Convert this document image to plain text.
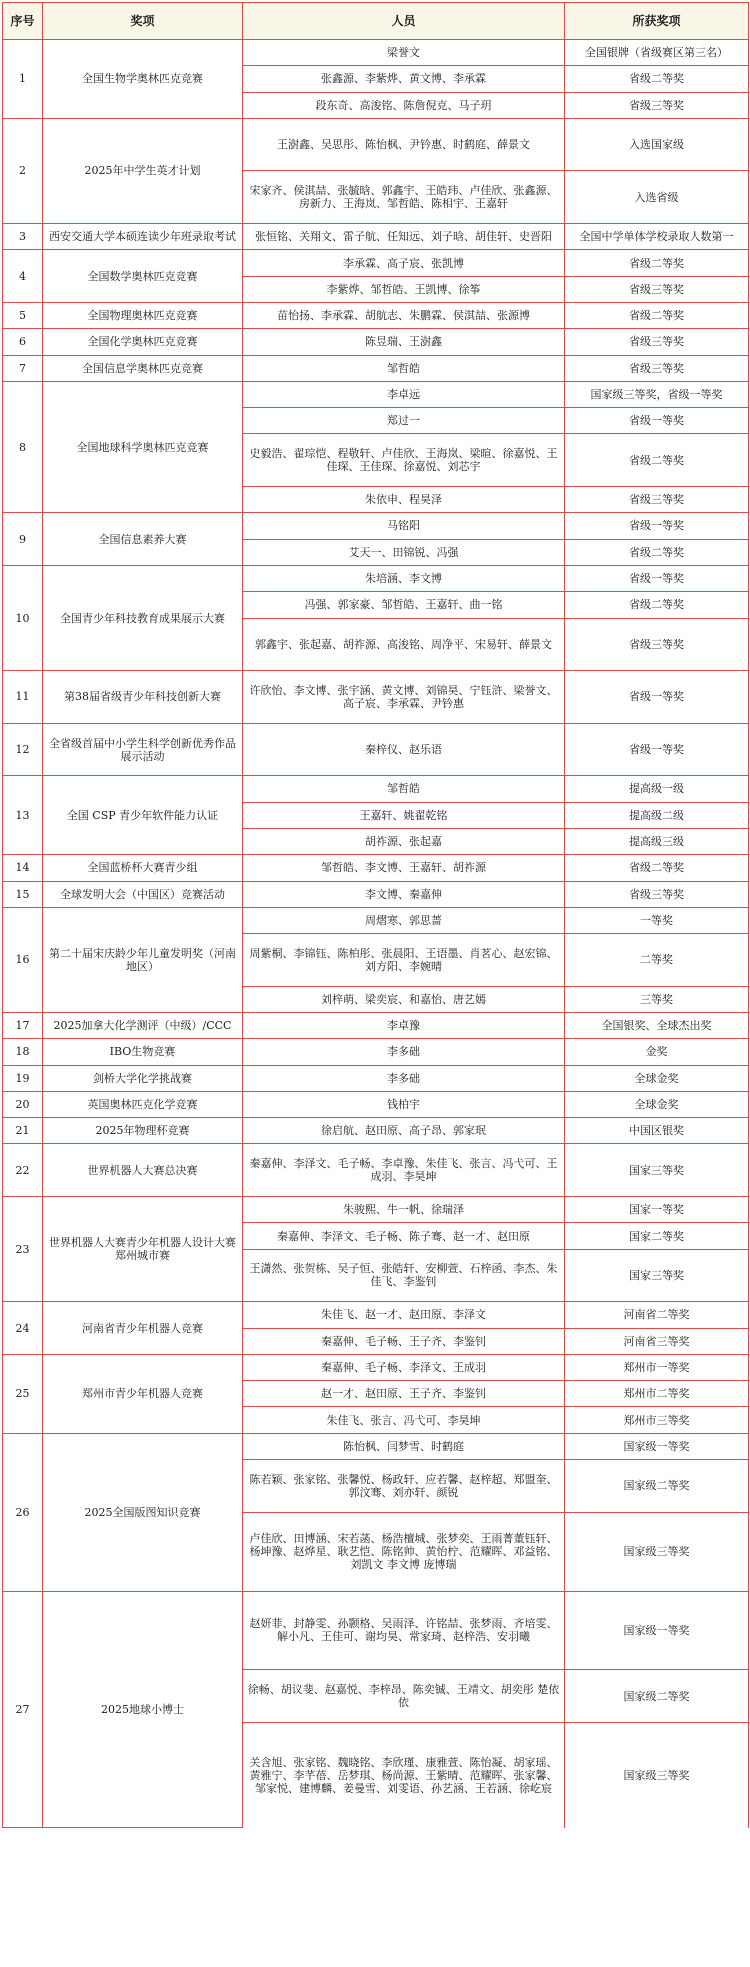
序号	奖项	人员	所获奖项
1	全国生物学奥林匹克竞赛	梁誉文	全国银牌（省级赛区第三名）
		张鑫源、李紫烨、黄文博、李承霖	省级二等奖
		段东奇、高浚铭、陈詹倪克、马子玥	省级三等奖
2	2025年中学生英才计划	王澍鑫、吴思彤、陈怡枫、尹钤惠、时鹤庭、薛景文	入选国家级
		宋家齐、侯淇喆、张毓晗、郭鑫宇、王皓玮、卢佳欣、张鑫源、房新力、王海岚、邹哲皓、陈相宇、王嘉轩	入选省级
3	西安交通大学本硕连读少年班录取考试	张恒铭、关翔文、雷子航、任知远、刘子晗、胡佳轩、史晋阳	全国中学单体学校录取人数第一
4	全国数学奥林匹克竞赛	李承霖、高子宸、张凯博	省级二等奖
		李紫烨、邹哲皓、王凯博、徐筝	省级三等奖
5	全国物理奥林匹克竞赛	苗怡扬、李承霖、胡航志、朱鹏霖、侯淇喆、张源博	省级二等奖
6	全国化学奥林匹克竞赛	陈昱瑞、王澍鑫	省级三等奖
7	全国信息学奥林匹克竞赛	邹哲皓	省级三等奖
8	全国地球科学奥林匹克竞赛	李卓远	国家级三等奖，省级一等奖
		郑过一	省级一等奖
		史毅浩、翟琮恺、程敬轩、卢佳欣、王海岚、梁暄、徐嘉悦、王佳琛、王佳琛、徐嘉悦、刘芯宇	省级二等奖
		朱依申、程昊泽	省级三等奖
9	全国信息素养大赛	马铭阳	省级一等奖
		艾天一、田锦锐、冯强	省级二等奖
10	全国青少年科技教育成果展示大赛	朱培涵、李文博	省级一等奖
		冯强、郭家豪、邹哲皓、王嘉轩、曲一铭	省级二等奖
		郭鑫宇、张起嘉、胡祚源、高浚铭、周净平、宋易轩、薛景文	省级三等奖
11	第38届省级青少年科技创新大赛	许欣怡、李文博、张宇涵、黄文博、刘锦昊、宁钰浒、梁誉文、高子宸、李承霖、尹钤惠	省级一等奖
12	全省级首届中小学生科学创新优秀作品展示活动	秦梓仪、赵乐语	省级一等奖
13	全国 CSP 青少年软件能力认证	邹哲皓	提高级一级
		王嘉轩、姚翟乾铭	提高级二级
		胡祚源、张起嘉	提高级三级
14	全国蓝桥杯大赛青少组	邹哲皓、李文博、王嘉轩、胡祚源	省级二等奖
15	全球发明大会（中国区）竞赛活动	李文博、秦嘉伸	省级三等奖
16	第二十届宋庆龄少年儿童发明奖（河南地区）	周熠寒、郭思蔷	一等奖
		周紫桐、李锦钰、陈柏彤、张晨阳、王语墨、肖茗心、赵宏锦、刘方阳、李婉晴	二等奖
		刘梓萌、梁奕宸、和嘉怡、唐艺嫣	三等奖
17	2025加拿大化学测评（中级）/CCC	李卓豫	全国银奖、全球杰出奖
18	IBO生物竞赛	李多础	金奖
19	剑桥大学化学挑战赛	李多础	全球金奖
20	英国奥林匹克化学竞赛	钱柏宇	全球金奖
21	2025年物理杯竞赛	徐启航、赵田原、高子昂、郭家珉	中国区银奖
22	世界机器人大赛总决赛	秦嘉伸、李泽文、毛子畅、李卓豫、朱佳飞、张言、冯弋可、王成羽、李昊坤	国家三等奖
23	世界机器人大赛青少年机器人设计大赛郑州城市赛	朱骏熙、牛一帆、徐瑞泽	国家一等奖
		秦嘉伸、李泽文、毛子畅、陈子骞、赵一才、赵田原	国家二等奖
		王潇然、张贺栋、吴子恒、张皓轩、安柳萱、石梓函、李杰、朱佳飞、李鉴钊	国家三等奖
24	河南省青少年机器人竞赛	朱佳飞、赵一才、赵田原、李泽文	河南省二等奖
		秦嘉伸、毛子畅、王子齐、李鉴钊	河南省三等奖
25	郑州市青少年机器人竞赛	秦嘉伸、毛子畅、李泽文、王成羽	郑州市一等奖
		赵一才、赵田原、王子齐、李鉴钊	郑州市二等奖
		朱佳飞、张言、冯弋可、李昊坤	郑州市三等奖
26	2025全国版图知识竞赛	陈怡枫、闫梦雪、时鹤庭	国家级一等奖
		陈若颖、张家铭、张馨悦、杨政轩、应若馨、赵梓超、郑盟奎、郭汶骞、刘亦轩、颜锐	国家级二等奖
		卢佳欣、田博涵、宋若菡、杨浩檀城、张梦奕、王雨菁董钰轩、杨坤豫、赵烨星、耿艺恺、陈铭帅、黄怡柠、范耀晖、邓益铭、刘凯文 李文博 庞博瑞	国家级三等奖
27	2025地球小博士	赵妍菲、封静雯、孙颢格、吴雨泽、许铭喆、张梦雨、齐培雯、解小凡、王佳可、谢均昊、常家琦、赵梓浩、安羽曦	国家级一等奖
		徐畅、胡议斐、赵嘉悦、李梓昂、陈奕铖、王靖文、胡奕彤 楚依依	国家级二等奖
		关含旭、张家铭、魏晓铭、李欣瑾、康雅萱、陈怡凝、胡家瑶、黄雅宁、李芊蓓、岳梦琪、杨尚源、王紫晴、范耀晖、张家馨、邹家悦、建博麟、姜曼雪、刘雯语、孙艺涵、王若涵、徐屹宸	国家级三等奖
